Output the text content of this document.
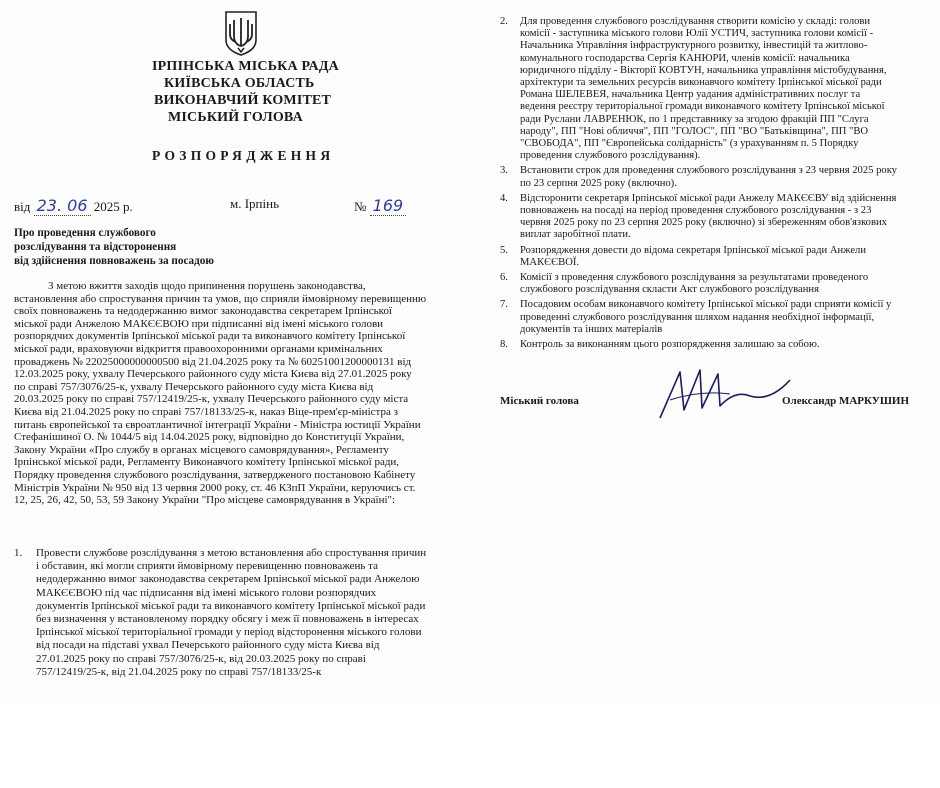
ІРПІНСЬКА МІСЬКА РАДА
КИЇВСЬКА ОБЛАСТЬ
ВИКОНАВЧИЙ КОМІТЕТ
МІСЬКИЙ ГОЛОВА
РОЗПОРЯДЖЕННЯ
від 23. 06 2025 р.	м. Ірпінь	№ 169
Про проведення службового
розслідування та відсторонення
від здійснення повноважень за посадою
З метою вжиття заходів щодо припинення порушень законодавства,
встановлення або спростування причин та умов, що сприяли ймовірному перевищенню
своїх повноважень та недодержанню вимог законодавства секретарем Ірпінської
міської ради Анжелою МАКЄЄВОЮ при підписанні від імені міського голови
розпорядчих документів Ірпінської міської ради та виконавчого комітету Ірпінської
міської ради, враховуючи відкриття правоохоронними органами кримінальних
проваджень № 22025000000000500 від 21.04.2025 року та № 60251001200000131 від
12.03.2025 року, ухвалу Печерського районного суду міста Києва від 27.01.2025 року
по справі 757/3076/25-к, ухвалу Печерського районного суду міста Києва від
20.03.2025 року по справі 757/12419/25-к, ухвалу Печерського районного суду міста
Києва від 21.04.2025 року по справі 757/18133/25-к, наказ Віце-прем'єр-міністра з
питань європейської та євроатлантичної інтеграції України - Міністра юстиції України
Стефанішиної О. № 1044/5 від 14.04.2025 року, відповідно до Конституції України,
Закону України «Про службу в органах місцевого самоврядування», Регламенту
Ірпінської міської ради, Регламенту Виконавчого комітету Ірпінської міської ради,
Порядку проведення службового розслідування, затвердженого постановою Кабінету
Міністрів України № 950 від 13 червня 2000 року, ст. 46 КЗпП України, керуючись ст.
12, 25, 26, 42, 50, 53, 59 Закону України "Про місцеве самоврядування в Україні":
1. Провести службове розслідування з метою встановлення або спростування причин
і обставин, які могли сприяти ймовірному перевищенню повноважень та
недодержанню вимог законодавства секретарем Ірпінської міської ради Анжелою
МАКЄЄВОЮ під час підписання від імені міського голови розпорядчих
документів Ірпінської міської ради та виконавчого комітету Ірпінської міської ради
без визначення у встановленому порядку обсягу і меж її повноважень в інтересах
Ірпінської міської територіальної громади у період відсторонення міського голови
від посади на підставі ухвал Печерського районного суду міста Києва від
27.01.2025 року по справі 757/3076/25-к, від 20.03.2025 року по справі
757/12419/25-к, від 21.04.2025 року по справі 757/18133/25-к
2. Для проведення службового розслідування створити комісію у складі: голови
комісії - заступника міського голови Юлії УСТИЧ, заступника голови комісії -
Начальника Управління інфраструктурного розвитку, інвестицій та житлово-
комунального господарства Сергія КАНЮРИ, членів комісії: начальника
юридичного підділу - Вікторії КОВТУН, начальника управління містобудування,
архітектури та земельних ресурсів виконавчого комітету Ірпінської міської ради
Романа ШЕЛЕВЕЯ, начальника Центр уадания адміністративних послуг та
ведення реєстру територіальної громади виконавчого комітету Ірпінської міської
ради Руслани ЛАВРЕНЮК, по 1 представнику за згодою фракцій ПП "Слуга
народу", ПП "Нові обличчя", ПП "ГОЛОС", ПП "ВО "Батьківщина", ПП "ВО
"СВОБОДА", ПП "Європейська солідарність" (з урахуванням п. 5 Порядку
проведення службового розслідування).
3. Встановити строк для проведення службового розслідування з 23 червня 2025 року
по 23 серпня 2025 року (включно).
4. Відсторонити секретаря Ірпінської міської ради Анжелу МАКЄЄВУ від здійснення
повноважень на посаді на період проведення службового розслідування - з 23
червня 2025 року по 23 серпня 2025 року (включно) зі збереженням обов'язкових
виплат заробітної плати.
5. Розпорядження довести до відома секретаря Ірпінської міської ради Анжели
МАКЄЄВОЇ.
6. Комісії з проведення службового розслідування за результатами проведеного
службового розслідування скласти Акт службового розслідування
7. Посадовим особам виконавчого комітету Ірпінської міської ради сприяти комісії у
проведенні службового розслідування шляхом надання необхідної інформації,
документів та інших матеріалів
8. Контроль за виконанням цього розпорядження залишаю за собою.
Міський голова	Олександр МАРКУШИН
